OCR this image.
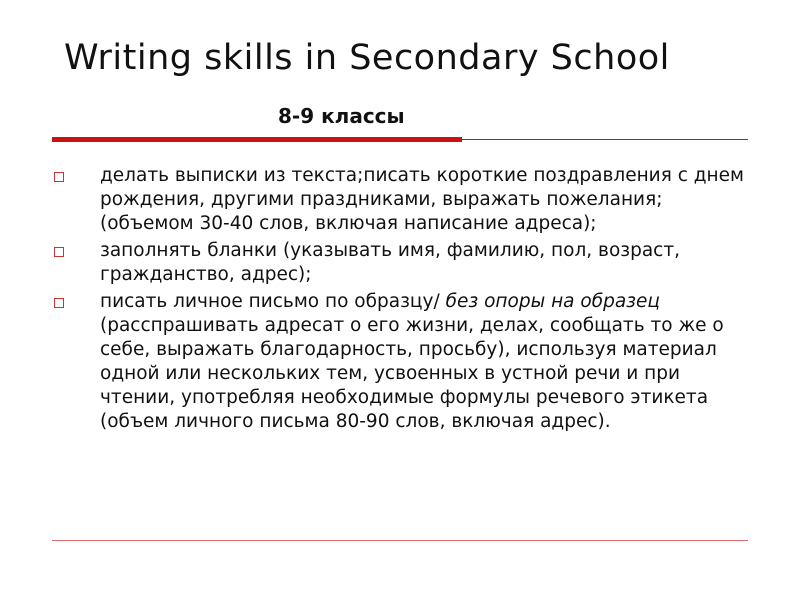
Writing skills in Secondary School
8-9 классы
делать выписки из текста;писать короткие поздравления с днем рождения, другими праздниками, выражать пожелания; (объемом 30-40 слов, включая написание адреса);
заполнять бланки (указывать имя, фамилию, пол, возраст, гражданство, адрес);
писать личное письмо по образцу/ без опоры на образец (расспрашивать адресат о его жизни, делах, сообщать то же о себе, выражать благодарность, просьбу), используя материал одной или нескольких тем, усвоенных в устной речи и при чтении, употребляя необходимые формулы речевого этикета (объем личного письма 80-90 слов, включая адрес).
